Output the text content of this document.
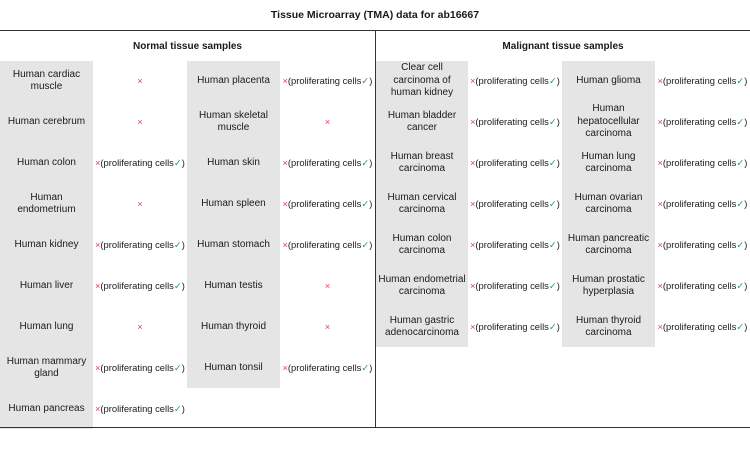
Tissue Microarray (TMA) data for ab16667
Normal tissue samples	Malignant tissue samples
Human cardiac muscle
Human cerebrum
Human colon
Human endometrium
Human kidney
Human liver
Human lung
Human mammary gland
Human pancreas
×
×
× (proliferating cells ✓ )
×
× (proliferating cells ✓ )
× (proliferating cells ✓ )
×
× (proliferating cells ✓ )
× (proliferating cells ✓ )
Human placenta
Human skeletal muscle
Human skin
Human spleen
Human stomach
Human testis
Human thyroid
Human tonsil
× (proliferating cells ✓ )
×
× (proliferating cells ✓ )
× (proliferating cells ✓ )
× (proliferating cells ✓ )
×
×
× (proliferating cells ✓ )
Clear cell carcinoma of human kidney
Human bladder cancer
Human breast carcinoma
Human cervical carcinoma
Human colon carcinoma
Human endometrial carcinoma
Human gastric adenocarcinoma
× (proliferating cells ✓ )
× (proliferating cells ✓ )
× (proliferating cells ✓ )
× (proliferating cells ✓ )
× (proliferating cells ✓ )
× (proliferating cells ✓ )
× (proliferating cells ✓ )
Human glioma
Human hepatocellular carcinoma
Human lung carcinoma
Human ovarian carcinoma
Human pancreatic carcinoma
Human prostatic hyperplasia
Human thyroid carcinoma
× (proliferating cells ✓ )
× (proliferating cells ✓ )
× (proliferating cells ✓ )
× (proliferating cells ✓ )
× (proliferating cells ✓ )
× (proliferating cells ✓ )
× (proliferating cells ✓ )
